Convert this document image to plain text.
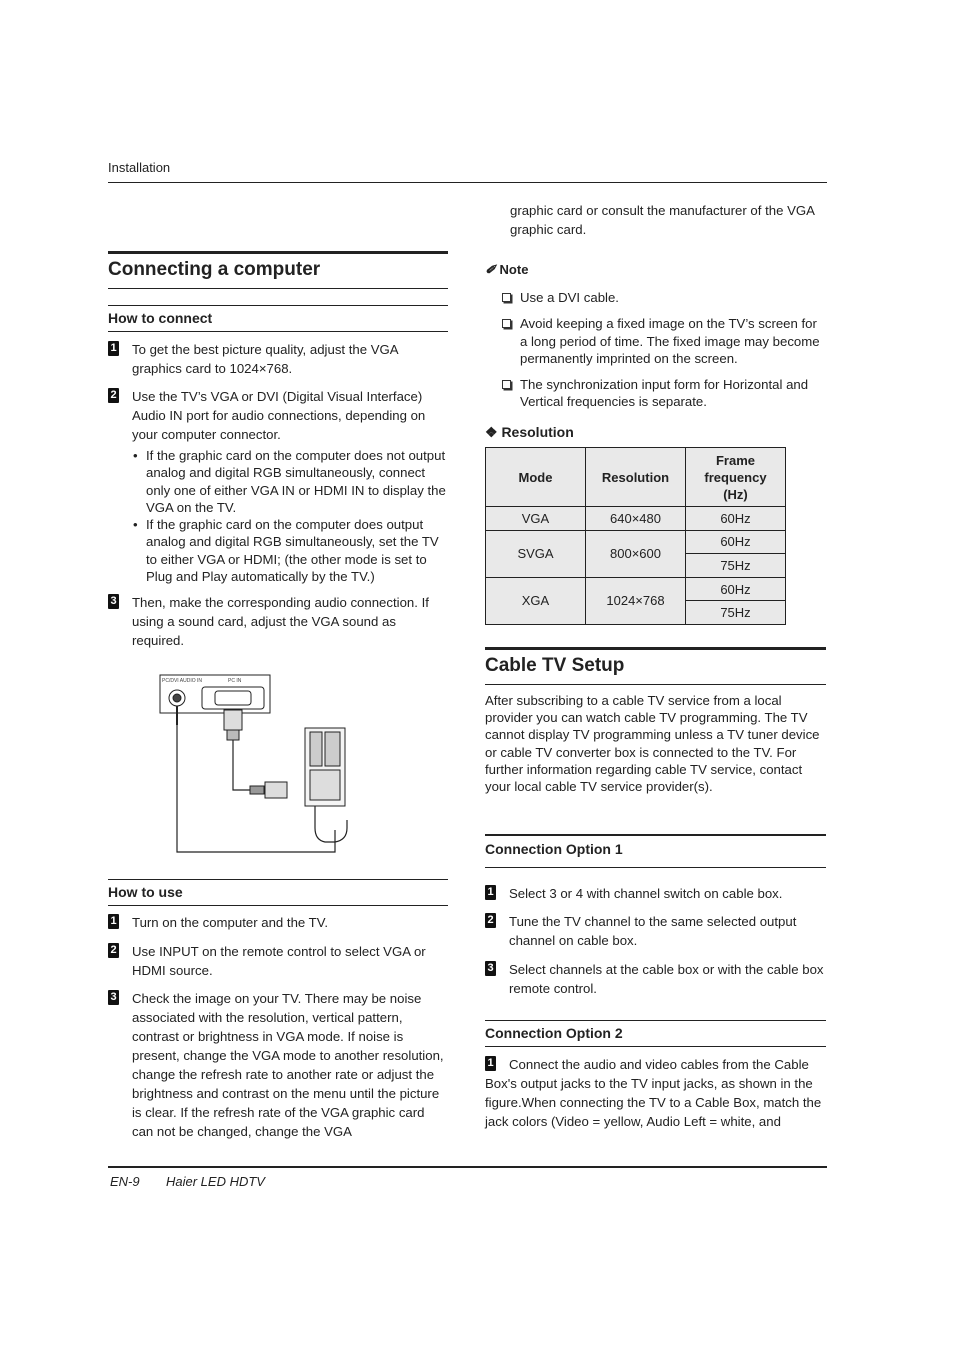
Installation
EN-9 Haier LED HDTV
Connecting a computer
How to connect
1 To get the best picture quality, adjust the VGA graphics card to 1024×768.
2 Use the TV’s VGA or DVI (Digital Visual Interface) Audio IN port for audio connections, depending on your computer connector.
• If the graphic card on the computer does not output analog and digital RGB simultaneously, connect only one of either VGA IN or HDMI IN to display the VGA on the TV.
• If the graphic card on the computer does output analog and digital RGB simultaneously, set the TV to either VGA or HDMI; (the other mode is set to Plug and Play automatically by the TV.)
3 Then, make the corresponding audio connection. If using a sound card, adjust the VGA sound as required.
PC/DVI AUDIO IN	PC IN
How to use
1 Turn on the computer and the TV.
2 Use INPUT on the remote control to select VGA or HDMI source.
3 Check the image on your TV. There may be noise associated with the resolution, vertical pattern, contrast or brightness in VGA mode. If noise is present, change the VGA mode to another resolution, change the refresh rate to another rate or adjust the brightness and contrast on the menu until the picture is clear. If the refresh rate of the VGA graphic card can not be changed, change the VGA
graphic card or consult the manufacturer of the VGA graphic card.
✐ Note
Use a DVI cable.
Avoid keeping a fixed image on the TV’s screen for a long period of time. The fixed image may become permanently imprinted on the screen.
The synchronization input form for Horizontal and Vertical frequencies is separate.
❖ Resolution
Mode	Resolution	Frame frequency (Hz)
VGA	640×480	60Hz
SVGA	800×600	60Hz
		75Hz
XGA	1024×768	60Hz
		75Hz
Cable TV Setup
After subscribing to a cable TV service from a local provider you can watch cable TV programming. The TV cannot display TV programming unless a TV tuner device or cable TV converter box is connected to the TV. For further information regarding cable TV service, contact your local cable TV service provider(s).
Connection Option 1
1 Select 3 or 4 with channel switch on cable box.
2 Tune the TV channel to the same selected output channel on cable box.
3 Select channels at the cable box or with the cable box remote control.
Connection Option 2
1 Connect the audio and video cables from the Cable Box's output jacks to the TV input jacks, as shown in the figure.When connecting the TV to a Cable Box, match the jack colors (Video = yellow, Audio Left = white, and
